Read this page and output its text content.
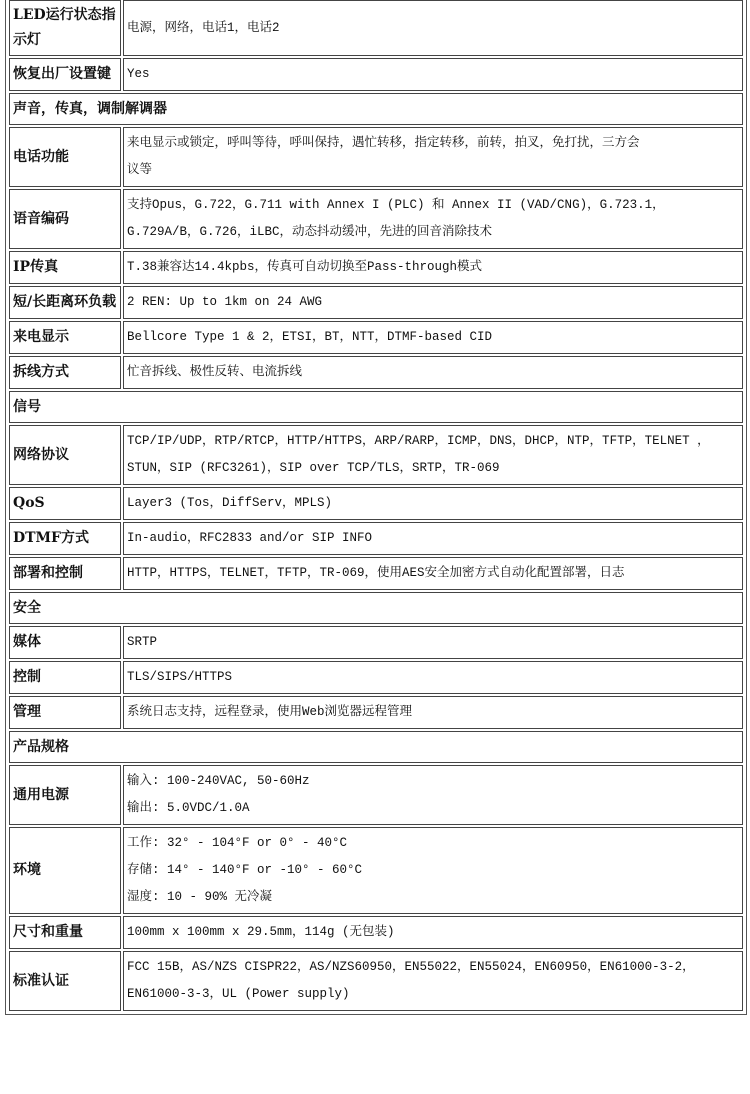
LED运行状态指示灯	电源，网络，电话1，电话2

恢复出厂设置键	Yes

声音，传真，调制解调器	
电话功能	来电显示或锁定，呼叫等待，呼叫保持，遇忙转移，指定转移，前转，拍叉，免打扰，三方会
议等

语音编码	支持Opus，G.722，G.711 with Annex I (PLC) 和 Annex II (VAD/CNG)，G.723.1，
G.729A/B，G.726，iLBC，动态抖动缓冲，先进的回音消除技术

IP传真	T.38兼容达14.4kpbs，传真可自动切换至Pass-through模式

短/长距离环负载	2 REN: Up to 1km on 24 AWG

来电显示	Bellcore Type 1 & 2，ETSI，BT，NTT，DTMF-based CID

拆线方式	忙音拆线、极性反转、电流拆线

信号	
网络协议	TCP/IP/UDP，RTP/RTCP，HTTP/HTTPS，ARP/RARP，ICMP，DNS，DHCP，NTP，TFTP，TELNET ，
STUN，SIP (RFC3261)，SIP over TCP/TLS，SRTP，TR-069

QoS	Layer3 (Tos，DiffServ，MPLS)

DTMF方式	In-audio，RFC2833 and/or SIP INFO

部署和控制	HTTP，HTTPS，TELNET，TFTP，TR-069，使用AES安全加密方式自动化配置部署，日志

安全	
媒体	SRTP

控制	TLS/SIPS/HTTPS

管理	系统日志支持，远程登录，使用Web浏览器远程管理

产品规格	
通用电源	输入: 100-240VAC, 50-60Hz
输出: 5.0VDC/1.0A

环境	工作: 32° - 104°F or 0° - 40°C
存储: 14° - 140°F or -10° - 60°C
湿度: 10 - 90% 无冷凝

尺寸和重量	100mm x 100mm x 29.5mm，114g (无包装)

标准认证	FCC 15B，AS/NZS CISPR22，AS/NZS60950，EN55022，EN55024，EN60950，EN61000-3-2，
EN61000-3-3，UL (Power supply)
